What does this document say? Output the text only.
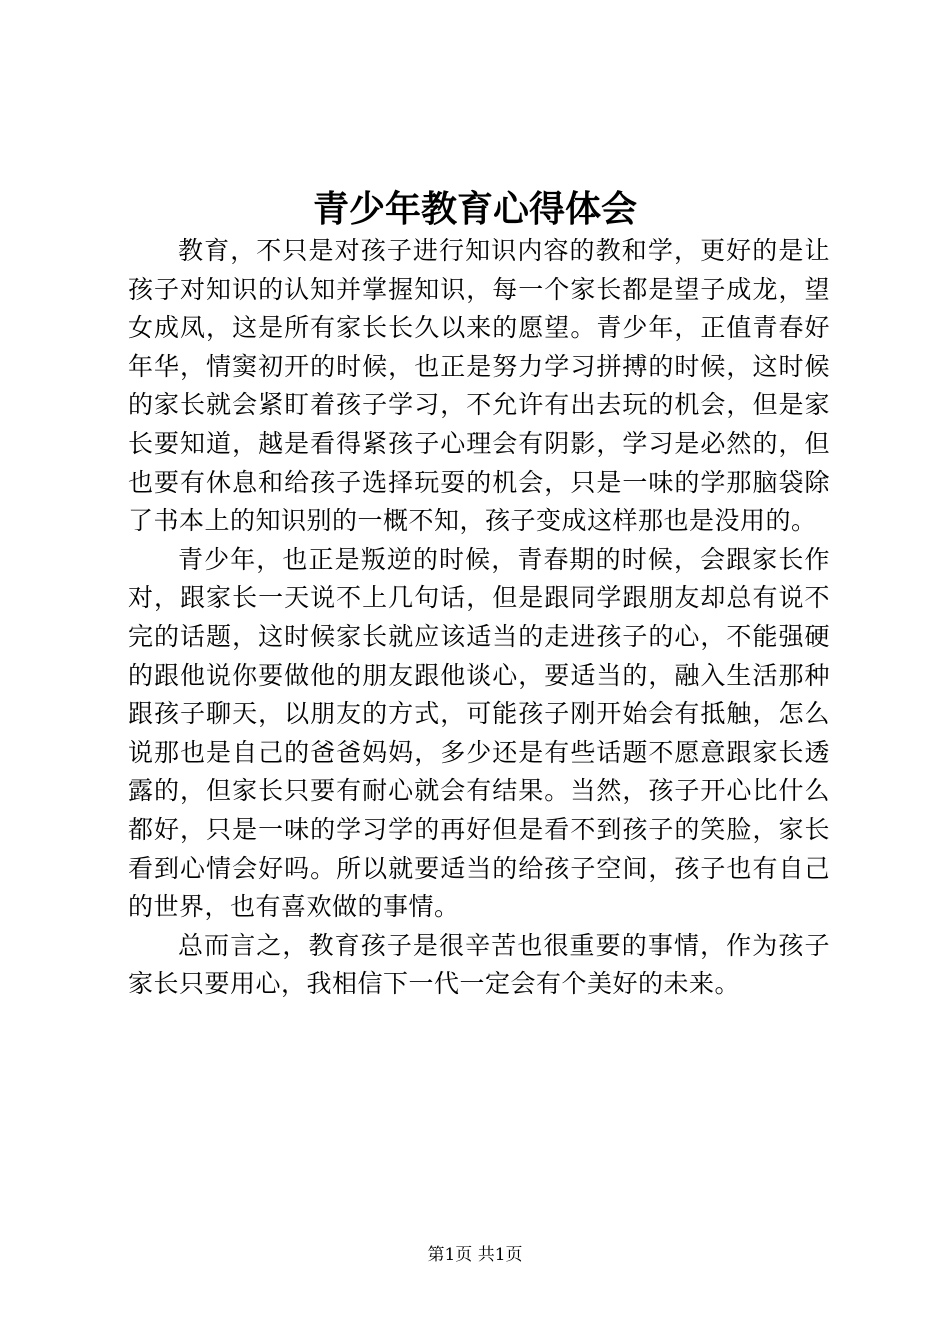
青少年教育心得体会

教育，不只是对孩子进行知识内容的教和学，更好的是让孩子对知识的认知并掌握知识，每一个家长都是望子成龙，望女成凤，这是所有家长长久以来的愿望。青少年，正值青春好年华，情窦初开的时候，也正是努力学习拼搏的时候，这时候的家长就会紧盯着孩子学习，不允许有出去玩的机会，但是家长要知道，越是看得紧孩子心理会有阴影，学习是必然的，但也要有休息和给孩子选择玩耍的机会，只是一味的学那脑袋除了书本上的知识别的一概不知，孩子变成这样那也是没用的。

青少年，也正是叛逆的时候，青春期的时候，会跟家长作对，跟家长一天说不上几句话，但是跟同学跟朋友却总有说不完的话题，这时候家长就应该适当的走进孩子的心，不能强硬的跟他说你要做他的朋友跟他谈心，要适当的，融入生活那种跟孩子聊天，以朋友的方式，可能孩子刚开始会有抵触，怎么说那也是自己的爸爸妈妈，多少还是有些话题不愿意跟家长透露的，但家长只要有耐心就会有结果。当然，孩子开心比什么都好，只是一味的学习学的再好但是看不到孩子的笑脸，家长看到心情会好吗。所以就要适当的给孩子空间，孩子也有自己的世界，也有喜欢做的事情。

总而言之，教育孩子是很辛苦也很重要的事情，作为孩子家长只要用心，我相信下一代一定会有个美好的未来。

第1页 共1页
